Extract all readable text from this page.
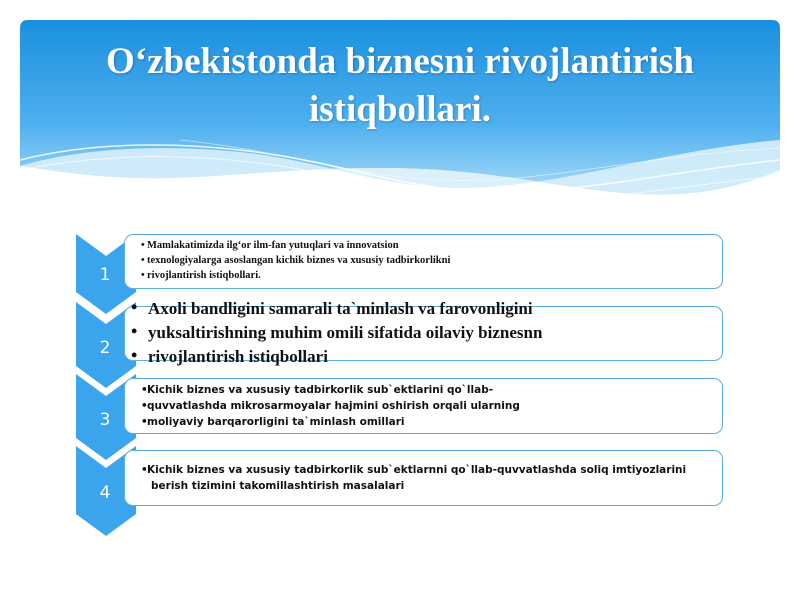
O‘zbekistonda biznesni rivojlantirish istiqbollari.
1
• Mamlakatimizda ilg‘or ilm-fan yutuqlari va innovatsion
• texnologiyalarga asoslangan kichik biznes va xususiy tadbirkorlikni
• rivojlantirish istiqbollari.
2
• Axoli bandligini samarali ta`minlash va farovonligini
• yuksaltirishning muhim omili sifatida oilaviy biznesnn
• rivojlantirish istiqbollari
3
• Kichik biznes va xususiy tadbirkorlik sub`ektlarini qo`llab-
• quvvatlashda mikrosarmoyalar hajmini oshirish orqali ularning
• moliyaviy barqarorligini ta`minlash omillari
4
• Kichik biznes va xususiy tadbirkorlik sub`ektlarnni qo`llab-quvvatlashda soliq imtiyozlarini
berish tizimini takomillashtirish masalalari
